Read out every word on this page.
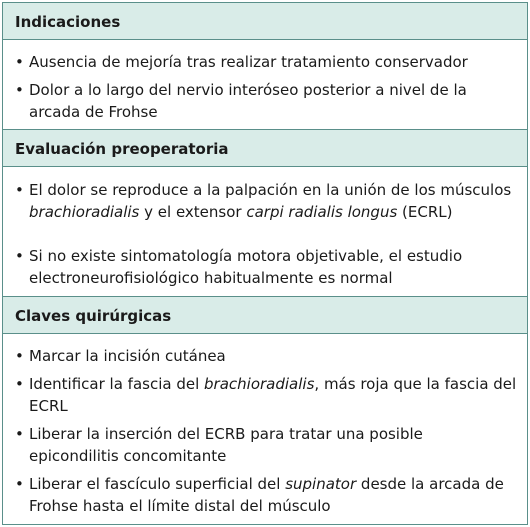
Indicaciones
• Ausencia de mejoría tras realizar tratamiento conservador
• Dolor a lo largo del nervio interóseo posterior a nivel de la arcada de Frohse
Evaluación preoperatoria
• El dolor se reproduce a la palpación en la unión de los músculos brachioradialis y el extensor carpi radialis longus (ECRL)
• Si no existe sintomatología motora objetivable, el estudio electroneurofisiológico habitualmente es normal
Claves quirúrgicas
• Marcar la incisión cutánea
• Identificar la fascia del brachioradialis, más roja que la fascia del ECRL
• Liberar la inserción del ECRB para tratar una posible epicondilitis concomitante
• Liberar el fascículo superficial del supinator desde la arcada de Frohse hasta el límite distal del músculo
